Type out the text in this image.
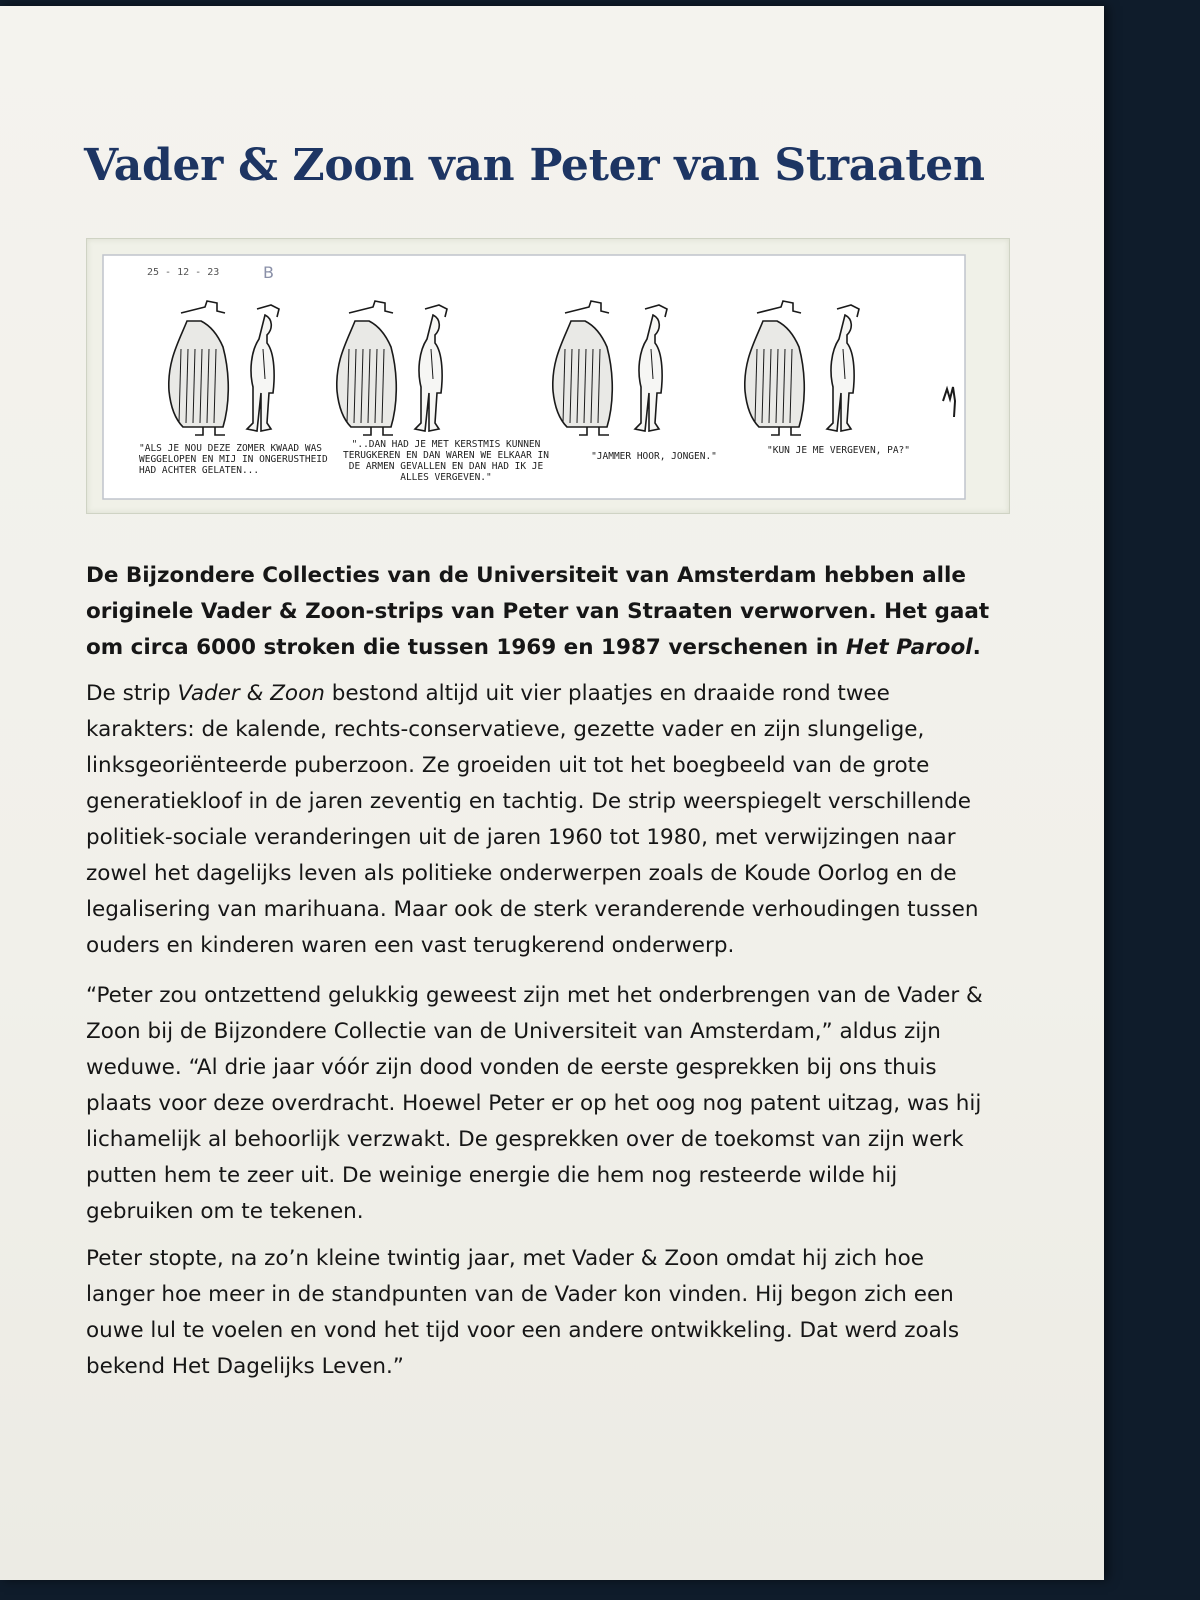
Vader & Zoon van Peter van Straaten
25 - 12 - 23	B
"ALS JE NOU DEZE ZOMER KWAAD WAS WEGGELOPEN EN MIJ IN ONGERUSTHEID HAD ACHTER GELATEN...
"..DAN HAD JE MET KERSTMIS KUNNEN TERUGKEREN EN DAN WAREN WE ELKAAR IN DE ARMEN GEVALLEN EN DAN HAD IK JE ALLES VERGEVEN."
"JAMMER HOOR, JONGEN."
"KUN JE ME VERGEVEN, PA?"
De Bijzondere Collecties van de Universiteit van Amsterdam hebben alle originele Vader & Zoon-strips van Peter van Straaten verworven. Het gaat om circa 6000 stroken die tussen 1969 en 1987 verschenen in Het Parool.
De strip Vader & Zoon bestond altijd uit vier plaatjes en draaide rond twee karakters: de kalende, rechts-conservatieve, gezette vader en zijn slungelige, linksgeoriënteerde puberzoon. Ze groeiden uit tot het boegbeeld van de grote generatiekloof in de jaren zeventig en tachtig. De strip weerspiegelt verschillende politiek-sociale veranderingen uit de jaren 1960 tot 1980, met verwijzingen naar zowel het dagelijks leven als politieke onderwerpen zoals de Koude Oorlog en de legalisering van marihuana. Maar ook de sterk veranderende verhoudingen tussen ouders en kinderen waren een vast terugkerend onderwerp.
“Peter zou ontzettend gelukkig geweest zijn met het onderbrengen van de Vader & Zoon bij de Bijzondere Collectie van de Universiteit van Amsterdam,” aldus zijn weduwe. “Al drie jaar vóór zijn dood vonden de eerste gesprekken bij ons thuis plaats voor deze overdracht. Hoewel Peter er op het oog nog patent uitzag, was hij lichamelijk al behoorlijk verzwakt. De gesprekken over de toekomst van zijn werk putten hem te zeer uit. De weinige energie die hem nog resteerde wilde hij gebruiken om te tekenen.
Peter stopte, na zo’n kleine twintig jaar, met Vader & Zoon omdat hij zich hoe langer hoe meer in de standpunten van de Vader kon vinden. Hij begon zich een ouwe lul te voelen en vond het tijd voor een andere ontwikkeling. Dat werd zoals bekend Het Dagelijks Leven.”
